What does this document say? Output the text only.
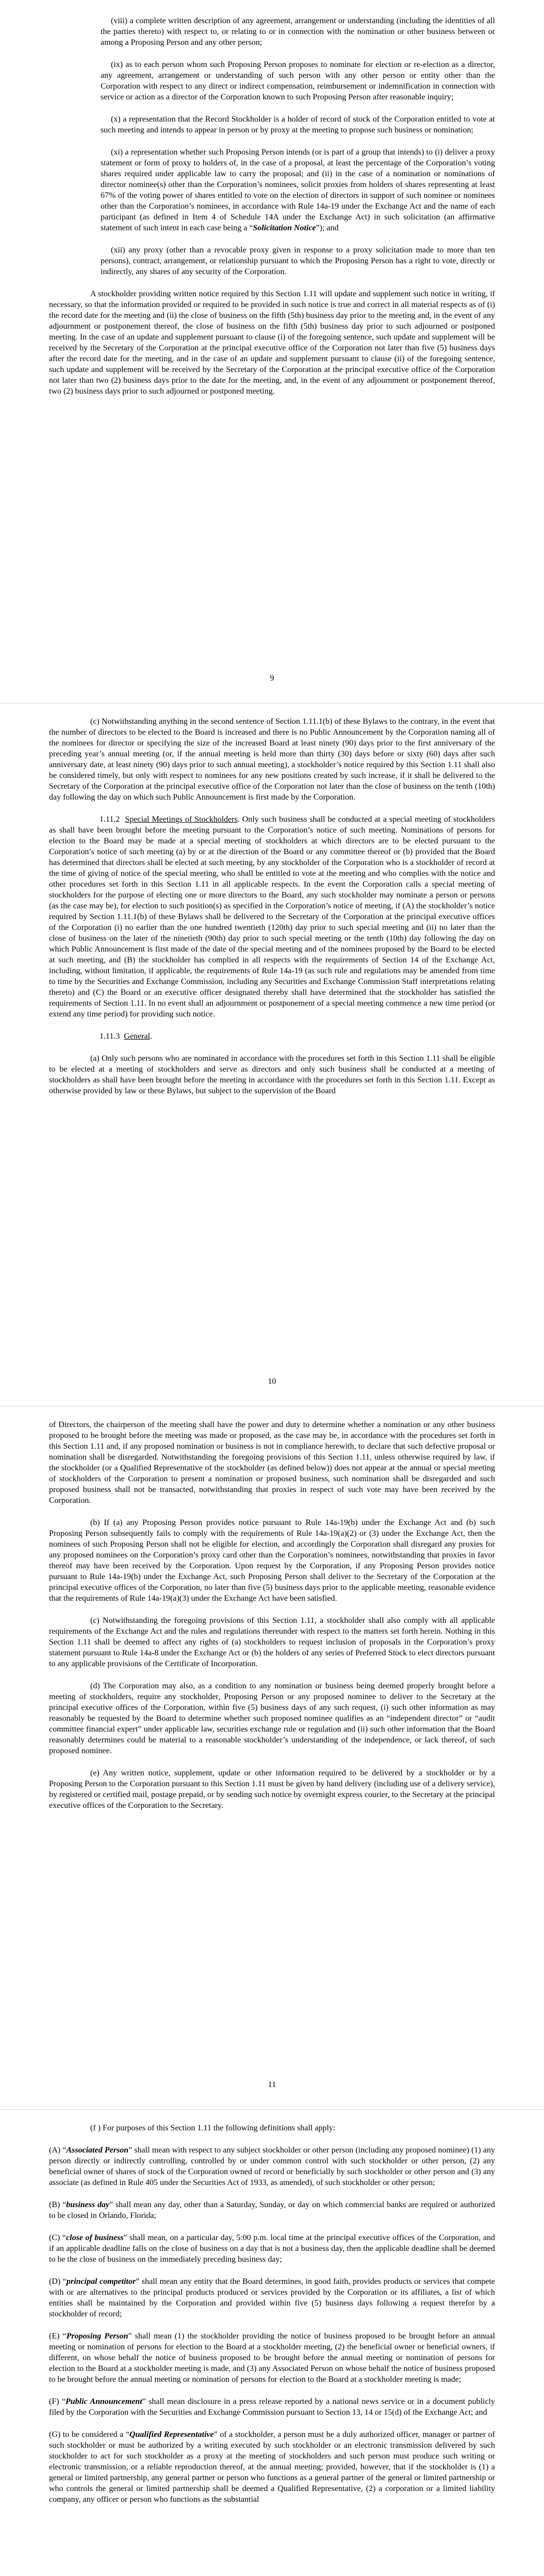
(viii) a complete written description of any agreement, arrangement or understanding (including the identities of all the parties thereto) with respect to, or relating to or in connection with the nomination or other business between or among a Proposing Person and any other person;

(ix) as to each person whom such Proposing Person proposes to nominate for election or re-election as a director, any agreement, arrangement or understanding of such person with any other person or entity other than the Corporation with respect to any direct or indirect compensation, reimbursement or indemnification in connection with service or action as a director of the Corporation known to such Proposing Person after reasonable inquiry;

(x) a representation that the Record Stockholder is a holder of record of stock of the Corporation entitled to vote at such meeting and intends to appear in person or by proxy at the meeting to propose such business or nomination;

(xi) a representation whether such Proposing Person intends (or is part of a group that intends) to (i) deliver a proxy statement or form of proxy to holders of, in the case of a proposal, at least the percentage of the Corporation’s voting shares required under applicable law to carry the proposal; and (ii) in the case of a nomination or nominations of director nominee(s) other than the Corporation’s nominees, solicit proxies from holders of shares representing at least 67% of the voting power of shares entitled to vote on the election of directors in support of such nominee or nominees other than the Corporation’s nominees, in accordance with Rule 14a-19 under the Exchange Act and the name of each participant (as defined in Item 4 of Schedule 14A under the Exchange Act) in such solicitation (an affirmative statement of such intent in each case being a “Solicitation Notice”); and

(xii) any proxy (other than a revocable proxy given in response to a proxy solicitation made to more than ten persons), contract, arrangement, or relationship pursuant to which the Proposing Person has a right to vote, directly or indirectly, any shares of any security of the Corporation.

A stockholder providing written notice required by this Section 1.11 will update and supplement such notice in writing, if necessary, so that the information provided or required to be provided in such notice is true and correct in all material respects as of (i) the record date for the meeting and (ii) the close of business on the fifth (5th) business day prior to the meeting and, in the event of any adjournment or postponement thereof, the close of business on the fifth (5th) business day prior to such adjourned or postponed meeting. In the case of an update and supplement pursuant to clause (i) of the foregoing sentence, such update and supplement will be received by the Secretary of the Corporation at the principal executive office of the Corporation not later than five (5) business days after the record date for the meeting, and in the case of an update and supplement pursuant to clause (ii) of the foregoing sentence, such update and supplement will be received by the Secretary of the Corporation at the principal executive office of the Corporation not later than two (2) business days prior to the date for the meeting, and, in the event of any adjournment or postponement thereof, two (2) business days prior to such adjourned or postponed meeting.

9

(c) Notwithstanding anything in the second sentence of Section 1.11.1(b) of these Bylaws to the contrary, in the event that the number of directors to be elected to the Board is increased and there is no Public Announcement by the Corporation naming all of the nominees for director or specifying the size of the increased Board at least ninety (90) days prior to the first anniversary of the preceding year’s annual meeting (or, if the annual meeting is held more than thirty (30) days before or sixty (60) days after such anniversary date, at least ninety (90) days prior to such annual meeting), a stockholder’s notice required by this Section 1.11 shall also be considered timely, but only with respect to nominees for any new positions created by such increase, if it shall be delivered to the Secretary of the Corporation at the principal executive office of the Corporation not later than the close of business on the tenth (10th) day following the day on which such Public Announcement is first made by the Corporation.

1.11.2 Special Meetings of Stockholders. Only such business shall be conducted at a special meeting of stockholders as shall have been brought before the meeting pursuant to the Corporation’s notice of such meeting. Nominations of persons for election to the Board may be made at a special meeting of stockholders at which directors are to be elected pursuant to the Corporation’s notice of such meeting (a) by or at the direction of the Board or any committee thereof or (b) provided that the Board has determined that directors shall be elected at such meeting, by any stockholder of the Corporation who is a stockholder of record at the time of giving of notice of the special meeting, who shall be entitled to vote at the meeting and who complies with the notice and other procedures set forth in this Section 1.11 in all applicable respects. In the event the Corporation calls a special meeting of stockholders for the purpose of electing one or more directors to the Board, any such stockholder may nominate a person or persons (as the case may be), for election to such position(s) as specified in the Corporation’s notice of meeting, if (A) the stockholder’s notice required by Section 1.11.1(b) of these Bylaws shall be delivered to the Secretary of the Corporation at the principal executive offices of the Corporation (i) no earlier than the one hundred twentieth (120th) day prior to such special meeting and (ii) no later than the close of business on the later of the ninetieth (90th) day prior to such special meeting or the tenth (10th) day following the day on which Public Announcement is first made of the date of the special meeting and of the nominees proposed by the Board to be elected at such meeting, and (B) the stockholder has complied in all respects with the requirements of Section 14 of the Exchange Act, including, without limitation, if applicable, the requirements of Rule 14a-19 (as such rule and regulations may be amended from time to time by the Securities and Exchange Commission, including any Securities and Exchange Commission Staff interpretations relating thereto) and (C) the Board or an executive officer designated thereby shall have determined that the stockholder has satisfied the requirements of Section 1.11. In no event shall an adjournment or postponement of a special meeting commence a new time period (or extend any time period) for providing such notice.

1.11.3 General.

(a) Only such persons who are nominated in accordance with the procedures set forth in this Section 1.11 shall be eligible to be elected at a meeting of stockholders and serve as directors and only such business shall be conducted at a meeting of stockholders as shall have been brought before the meeting in accordance with the procedures set forth in this Section 1.11. Except as otherwise provided by law or these Bylaws, but subject to the supervision of the Board

10

of Directors, the chairperson of the meeting shall have the power and duty to determine whether a nomination or any other business proposed to be brought before the meeting was made or proposed, as the case may be, in accordance with the procedures set forth in this Section 1.11 and, if any proposed nomination or business is not in compliance herewith, to declare that such defective proposal or nomination shall be disregarded. Notwithstanding the foregoing provisions of this Section 1.11, unless otherwise required by law, if the stockholder (or a Qualified Representative of the stockholder (as defined below)) does not appear at the annual or special meeting of stockholders of the Corporation to present a nomination or proposed business, such nomination shall be disregarded and such proposed business shall not be transacted, notwithstanding that proxies in respect of such vote may have been received by the Corporation.

(b) If (a) any Proposing Person provides notice pursuant to Rule 14a-19(b) under the Exchange Act and (b) such Proposing Person subsequently fails to comply with the requirements of Rule 14a-19(a)(2) or (3) under the Exchange Act, then the nominees of such Proposing Person shall not be eligible for election, and accordingly the Corporation shall disregard any proxies for any proposed nominees on the Corporation’s proxy card other than the Corporation’s nominees, notwithstanding that proxies in favor thereof may have been received by the Corporation. Upon request by the Corporation, if any Proposing Person provides notice pursuant to Rule 14a-19(b) under the Exchange Act, such Proposing Person shall deliver to the Secretary of the Corporation at the principal executive offices of the Corporation, no later than five (5) business days prior to the applicable meeting, reasonable evidence that the requirements of Rule 14a-19(a)(3) under the Exchange Act have been satisfied.

(c) Notwithstanding the foregoing provisions of this Section 1.11, a stockholder shall also comply with all applicable requirements of the Exchange Act and the rules and regulations thereunder with respect to the matters set forth herein. Nothing in this Section 1.11 shall be deemed to affect any rights of (a) stockholders to request inclusion of proposals in the Corporation’s proxy statement pursuant to Rule 14a-8 under the Exchange Act or (b) the holders of any series of Preferred Stock to elect directors pursuant to any applicable provisions of the Certificate of Incorporation.

(d) The Corporation may also, as a condition to any nomination or business being deemed properly brought before a meeting of stockholders, require any stockholder, Proposing Person or any proposed nominee to deliver to the Secretary at the principal executive offices of the Corporation, within five (5) business days of any such request, (i) such other information as may reasonably be requested by the Board to determine whether such proposed nominee qualifies as an “independent director” or “audit committee financial expert” under applicable law, securities exchange rule or regulation and (ii) such other information that the Board reasonably determines could be material to a reasonable stockholder’s understanding of the independence, or lack thereof, of such proposed nominee.

(e) Any written notice, supplement, update or other information required to be delivered by a stockholder or by a Proposing Person to the Corporation pursuant to this Section 1.11 must be given by hand delivery (including use of a delivery service), by registered or certified mail, postage prepaid, or by sending such notice by overnight express courier, to the Secretary at the principal executive offices of the Corporation to the Secretary.

11

(f ) For purposes of this Section 1.11 the following definitions shall apply:

(A) “Associated Person” shall mean with respect to any subject stockholder or other person (including any proposed nominee) (1) any person directly or indirectly controlling, controlled by or under common control with such stockholder or other person, (2) any beneficial owner of shares of stock of the Corporation owned of record or beneficially by such stockholder or other person and (3) any associate (as defined in Rule 405 under the Securities Act of 1933, as amended), of such stockholder or other person;

(B) “business day” shall mean any day, other than a Saturday, Sunday, or day on which commercial banks are required or authorized to be closed in Orlando, Florida;

(C) “close of business” shall mean, on a particular day, 5:00 p.m. local time at the principal executive offices of the Corporation, and if an applicable deadline falls on the close of business on a day that is not a business day, then the applicable deadline shall be deemed to be the close of business on the immediately preceding business day;

(D) “principal competitor” shall mean any entity that the Board determines, in good faith, provides products or services that compete with or are alternatives to the principal products produced or services provided by the Corporation or its affiliates, a list of which entities shall be maintained by the Corporation and provided within five (5) business days following a request therefor by a stockholder of record;

(E) “Proposing Person” shall mean (1) the stockholder providing the notice of business proposed to be brought before an annual meeting or nomination of persons for election to the Board at a stockholder meeting, (2) the beneficial owner or beneficial owners, if different, on whose behalf the notice of business proposed to be brought before the annual meeting or nomination of persons for election to the Board at a stockholder meeting is made, and (3) any Associated Person on whose behalf the notice of business proposed to be brought before the annual meeting or nomination of persons for election to the Board at a stockholder meeting is made;

(F) “Public Announcement” shall mean disclosure in a press release reported by a national news service or in a document publicly filed by the Corporation with the Securities and Exchange Commission pursuant to Section 13, 14 or 15(d) of the Exchange Act; and

(G) to be considered a “Qualified Representative” of a stockholder, a person must be a duly authorized officer, manager or partner of such stockholder or must be authorized by a writing executed by such stockholder or an electronic transmission delivered by such stockholder to act for such stockholder as a proxy at the meeting of stockholders and such person must produce such writing or electronic transmission, or a reliable reproduction thereof, at the annual meeting; provided, however, that if the stockholder is (1) a general or limited partnership, any general partner or person who functions as a general partner of the general or limited partnership or who controls the general or limited partnership shall be deemed a Qualified Representative, (2) a corporation or a limited liability company, any officer or person who functions as the substantial
